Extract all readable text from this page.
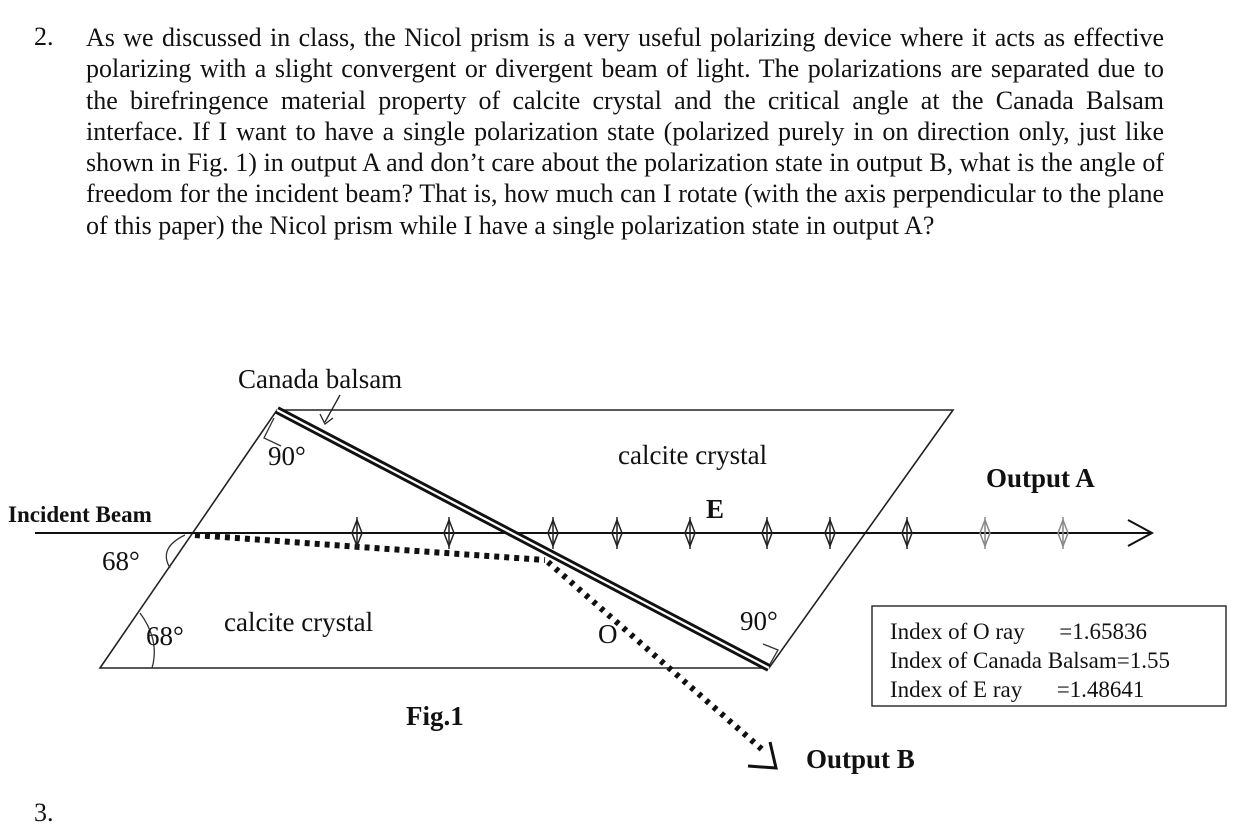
2. As we discussed in class, the Nicol prism is a very useful polarizing device where it acts as effective polarizing with a slight convergent or divergent beam of light. The polarizations are separated due to the birefringence material property of calcite crystal and the critical angle at the Canada Balsam interface. If I want to have a single polarization state (polarized purely in on direction only, just like shown in Fig. 1) in output A and don’t care about the polarization state in output B, what is the angle of freedom for the incident beam? That is, how much can I rotate (with the axis perpendicular to the plane of this paper) the Nicol prism while I have a single polarization state in output A?
Canada balsam
90°	calcite crystal
E
Output A
Incident Beam
68°
68° calcite crystal	O	90°
Fig.1
Output B
Index of O ray      =1.65836
Index of Canada Balsam=1.55
Index of E ray      =1.48641
3.
